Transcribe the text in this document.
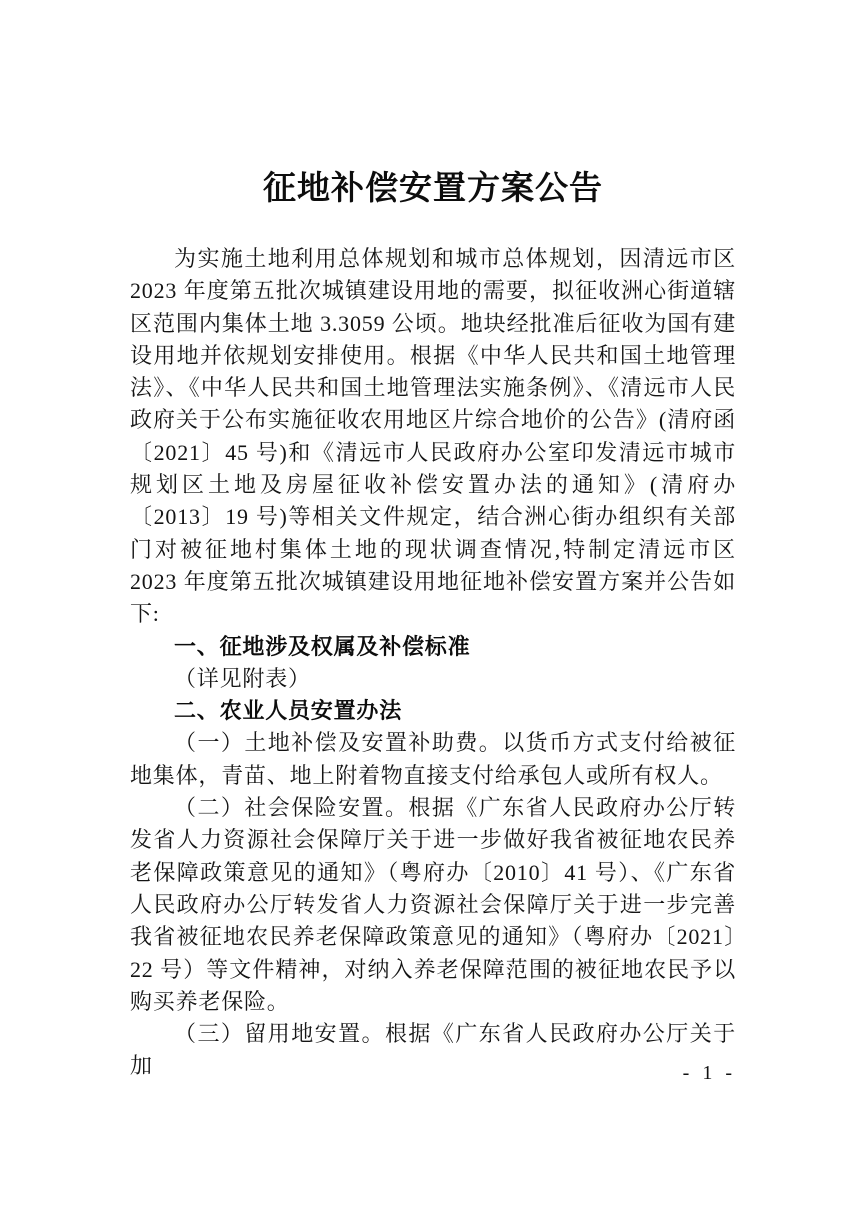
征地补偿安置方案公告

为实施土地利用总体规划和城市总体规划，因清远市区 2023 年度第五批次城镇建设用地的需要，拟征收洲心街道辖区范围内集体土地 3.3059 公顷。地块经批准后征收为国有建设用地并依规划安排使用。根据《中华人民共和国土地管理法》、《中华人民共和国土地管理法实施条例》、《清远市人民政府关于公布实施征收农用地区片综合地价的公告》(清府函〔2021〕45 号)和《清远市人民政府办公室印发清远市城市规划区土地及房屋征收补偿安置办法的通知》(清府办〔2013〕19 号)等相关文件规定，结合洲心街办组织有关部门对被征地村集体土地的现状调查情况,特制定清远市区 2023 年度第五批次城镇建设用地征地补偿安置方案并公告如下:

一、征地涉及权属及补偿标准

（详见附表）

二、农业人员安置办法

（一）土地补偿及安置补助费。以货币方式支付给被征地集体，青苗、地上附着物直接支付给承包人或所有权人。

（二）社会保险安置。根据《广东省人民政府办公厅转发省人力资源社会保障厅关于进一步做好我省被征地农民养老保障政策意见的通知》（粤府办〔2010〕41 号）、《广东省人民政府办公厅转发省人力资源社会保障厅关于进一步完善我省被征地农民养老保障政策意见的通知》（粤府办〔2021〕22 号）等文件精神，对纳入养老保障范围的被征地农民予以购买养老保险。

（三）留用地安置。根据《广东省人民政府办公厅关于加	- 1 -
